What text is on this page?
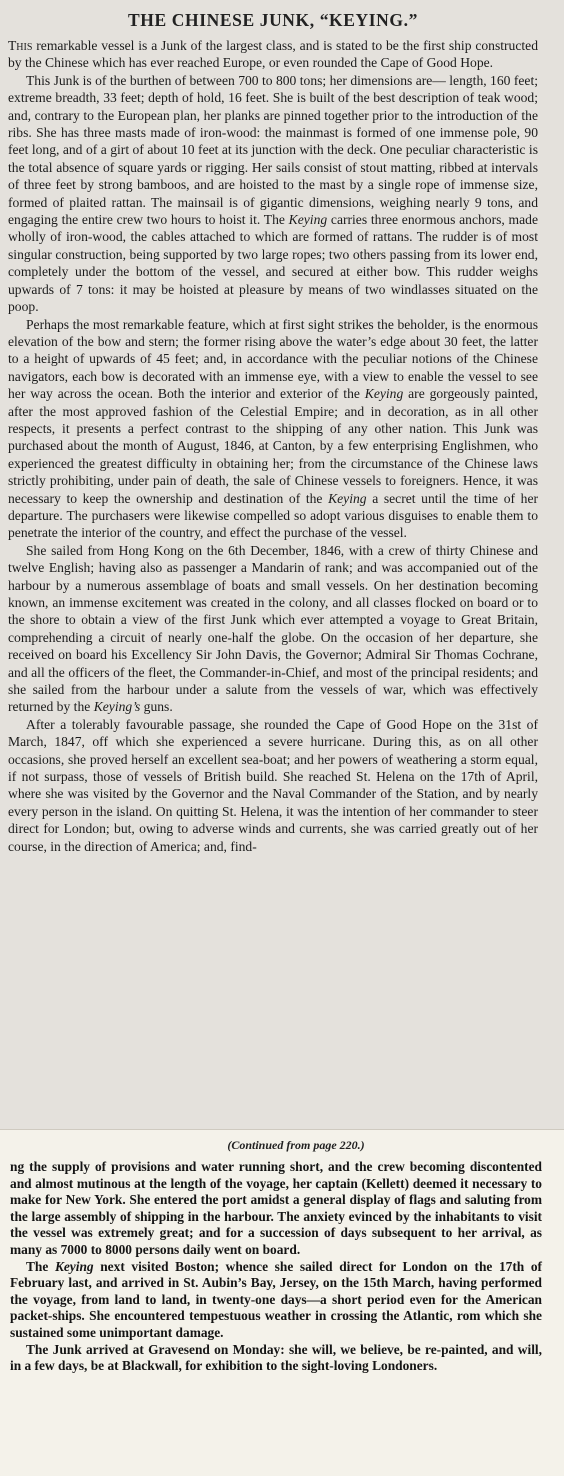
THE CHINESE JUNK, “KEYING.”

This remarkable vessel is a Junk of the largest class, and is stated to be the first ship constructed by the Chinese which has ever reached Europe, or even rounded the Cape of Good Hope.

This Junk is of the burthen of between 700 to 800 tons; her dimensions are— length, 160 feet; extreme breadth, 33 feet; depth of hold, 16 feet. She is built of the best description of teak wood; and, contrary to the European plan, her planks are pinned together prior to the introduction of the ribs. She has three masts made of iron-wood: the mainmast is formed of one immense pole, 90 feet long, and of a girt of about 10 feet at its junction with the deck. One peculiar characteristic is the total absence of square yards or rigging. Her sails consist of stout matting, ribbed at intervals of three feet by strong bamboos, and are hoisted to the mast by a single rope of immense size, formed of plaited rattan. The mainsail is of gigantic dimensions, weighing nearly 9 tons, and engaging the entire crew two hours to hoist it. The Keying carries three enormous anchors, made wholly of iron-wood, the cables attached to which are formed of rattans. The rudder is of most singular construction, being supported by two large ropes; two others passing from its lower end, completely under the bottom of the vessel, and secured at either bow. This rudder weighs upwards of 7 tons: it may be hoisted at pleasure by means of two windlasses situated on the poop.

Perhaps the most remarkable feature, which at first sight strikes the beholder, is the enormous elevation of the bow and stern; the former rising above the water’s edge about 30 feet, the latter to a height of upwards of 45 feet; and, in accordance with the peculiar notions of the Chinese navigators, each bow is decorated with an immense eye, with a view to enable the vessel to see her way across the ocean. Both the interior and exterior of the Keying are gorgeously painted, after the most approved fashion of the Celestial Empire; and in decoration, as in all other respects, it presents a perfect contrast to the shipping of any other nation. This Junk was purchased about the month of August, 1846, at Canton, by a few enterprising Englishmen, who experienced the greatest difficulty in obtaining her; from the circumstance of the Chinese laws strictly prohibiting, under pain of death, the sale of Chinese vessels to foreigners. Hence, it was necessary to keep the ownership and destination of the Keying a secret until the time of her departure. The purchasers were likewise compelled so adopt various disguises to enable them to penetrate the interior of the country, and effect the purchase of the vessel.

She sailed from Hong Kong on the 6th December, 1846, with a crew of thirty Chinese and twelve English; having also as passenger a Mandarin of rank; and was accompanied out of the harbour by a numerous assemblage of boats and small vessels. On her destination becoming known, an immense excitement was created in the colony, and all classes flocked on board or to the shore to obtain a view of the first Junk which ever attempted a voyage to Great Britain, comprehending a circuit of nearly one-half the globe. On the occasion of her departure, she received on board his Excellency Sir John Davis, the Governor; Admiral Sir Thomas Cochrane, and all the officers of the fleet, the Commander-in-Chief, and most of the principal residents; and she sailed from the harbour under a salute from the vessels of war, which was effectively returned by the Keying’s guns.

After a tolerably favourable passage, she rounded the Cape of Good Hope on the 31st of March, 1847, off which she experienced a severe hurricane. During this, as on all other occasions, she proved herself an excellent sea-boat; and her powers of weathering a storm equal, if not surpass, those of vessels of British build. She reached St. Helena on the 17th of April, where she was visited by the Governor and the Naval Commander of the Station, and by nearly every person in the island. On quitting St. Helena, it was the intention of her commander to steer direct for London; but, owing to adverse winds and currents, she was carried greatly out of her course, in the direction of America; and, find-

(Continued from page 220.)

ng the supply of provisions and water running short, and the crew becoming discontented and almost mutinous at the length of the voyage, her captain (Kellett) deemed it necessary to make for New York. She entered the port amidst a general display of flags and saluting from the large assembly of shipping in the harbour. The anxiety evinced by the inhabitants to visit the vessel was extremely great; and for a succession of days subsequent to her arrival, as many as 7000 to 8000 persons daily went on board.

The Keying next visited Boston; whence she sailed direct for London on the 17th of February last, and arrived in St. Aubin’s Bay, Jersey, on the 15th March, having performed the voyage, from land to land, in twenty-one days—a short period even for the American packet-ships. She encountered tempestuous weather in crossing the Atlantic, rom which she sustained some unimportant damage.

The Junk arrived at Gravesend on Monday: she will, we believe, be re-painted, and will, in a few days, be at Blackwall, for exhibition to the sight-loving Londoners.
